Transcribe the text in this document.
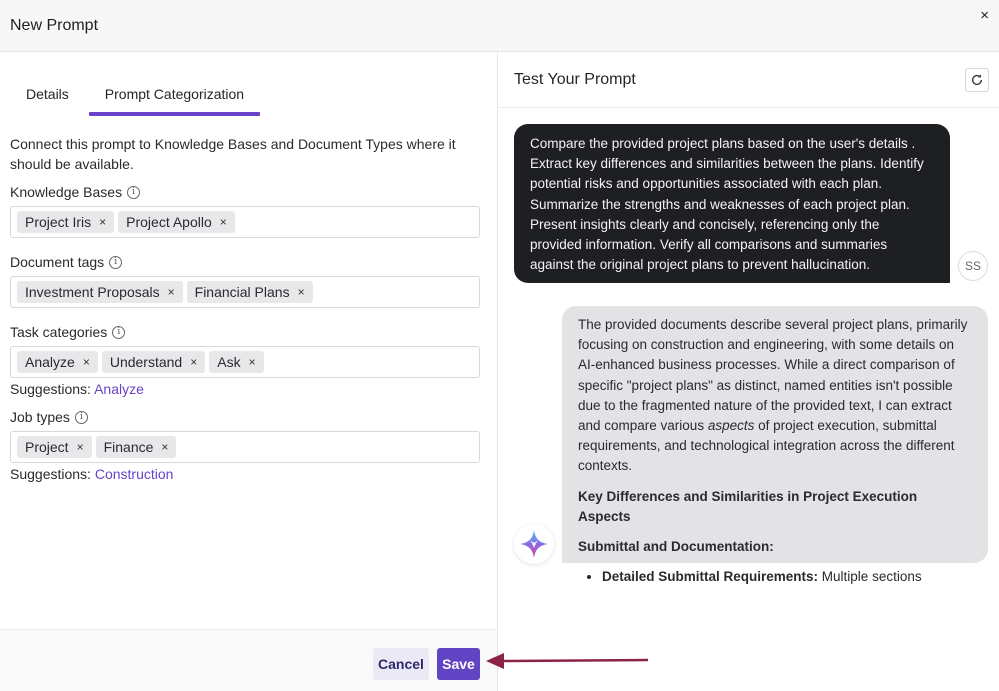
New Prompt
×
Details	Prompt Categorization
Connect this prompt to Knowledge Bases and Document Types where it should be available.
Knowledge Bases	i
Project Iris × Project Apollo ×
Document tags	i
Investment Proposals × Financial Plans ×
Task categories	i
Analyze × Understand × Ask ×
Suggestions: Analyze
Job types	i
Project × Finance ×
Suggestions: Construction
Cancel	Save
Test Your Prompt
Compare the provided project plans based on the user's details . Extract key differences and similarities between the plans. Identify potential risks and opportunities associated with each plan. Summarize the strengths and weaknesses of each project plan. Present insights clearly and concisely, referencing only the provided information. Verify all comparisons and summaries against the original project plans to prevent hallucination.	SS

The provided documents describe several project plans, primarily focusing on construction and engineering, with some details on AI-enhanced business processes. While a direct comparison of specific "project plans" as distinct, named entities isn't possible due to the fragmented nature of the provided text, I can extract and compare various aspects of project execution, submittal requirements, and technological integration across the different contexts.

Key Differences and Similarities in Project Execution Aspects

Submittal and Documentation:

• Detailed Submittal Requirements: Multiple sections
